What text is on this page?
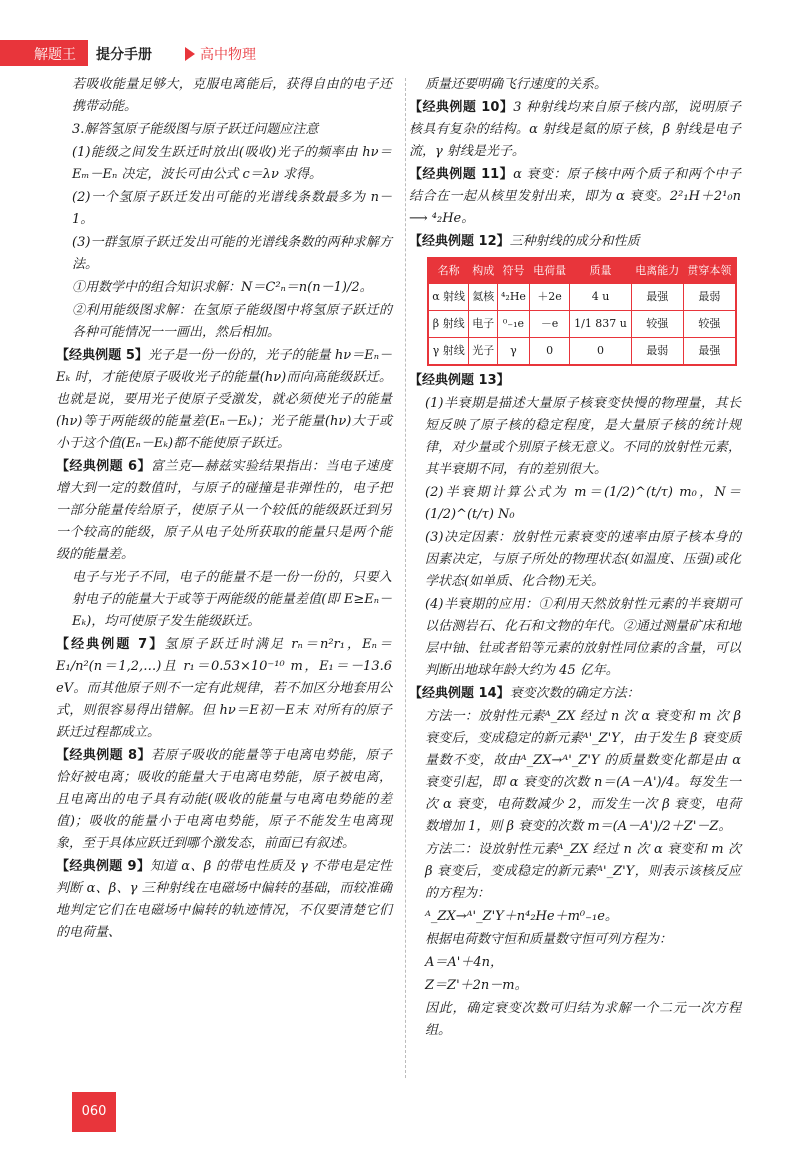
解题王 提分手册	高中物理

若吸收能量足够大，克服电离能后，获得自由的电子还携带动能。

3.解答氢原子能级图与原子跃迁问题应注意

(1)能级之间发生跃迁时放出(吸收)光子的频率由 hν＝Eₘ－Eₙ 决定，波长可由公式 c＝λν 求得。

(2)一个氢原子跃迁发出可能的光谱线条数最多为 n－1。

(3)一群氢原子跃迁发出可能的光谱线条数的两种求解方法。

①用数学中的组合知识求解：N＝C²ₙ＝n(n－1)/2。

②利用能级图求解：在氢原子能级图中将氢原子跃迁的各种可能情况一一画出，然后相加。

【经典例题 5】光子是一份一份的，光子的能量 hν＝Eₙ－Eₖ 时，才能使原子吸收光子的能量(hν)而向高能级跃迁。也就是说，要用光子使原子受激发，就必须使光子的能量(hν)等于两能级的能量差(Eₙ－Eₖ)；光子能量(hν)大于或小于这个值(Eₙ－Eₖ)都不能使原子跃迁。

【经典例题 6】富兰克—赫兹实验结果指出：当电子速度增大到一定的数值时，与原子的碰撞是非弹性的，电子把一部分能量传给原子，使原子从一个较低的能级跃迁到另一个较高的能级，原子从电子处所获取的能量只是两个能级的能量差。

电子与光子不同，电子的能量不是一份一份的，只要入射电子的能量大于或等于两能级的能量差值(即 E≥Eₙ－Eₖ)，均可使原子发生能级跃迁。

【经典例题 7】氢原子跃迁时满足 rₙ＝n²r₁，Eₙ＝E₁/n²(n＝1,2,…)且 r₁＝0.53×10⁻¹⁰ m，E₁＝－13.6 eV。而其他原子则不一定有此规律，若不加区分地套用公式，则很容易得出错解。但 hν＝E初－E末 对所有的原子跃迁过程都成立。

【经典例题 8】若原子吸收的能量等于电离电势能，原子恰好被电离；吸收的能量大于电离电势能，原子被电离，且电离出的电子具有动能(吸收的能量与电离电势能的差值)；吸收的能量小于电离电势能，原子不能发生电离现象，至于具体应跃迁到哪个激发态，前面已有叙述。

【经典例题 9】知道 α、β 的带电性质及 γ 不带电是定性判断 α、β、γ 三种射线在电磁场中偏转的基础，而较准确地判定它们在电磁场中偏转的轨迹情况，不仅要清楚它们的电荷量、

质量还要明确飞行速度的关系。

【经典例题 10】3 种射线均来自原子核内部，说明原子核具有复杂的结构。α 射线是氦的原子核，β 射线是电子流，γ 射线是光子。

【经典例题 11】α 衰变：原子核中两个质子和两个中子结合在一起从核里发射出来，即为 α 衰变。2²₁H＋2¹₀n ⟶ ⁴₂He。

【经典例题 12】三种射线的成分和性质

名称	构成	符号	电荷量	质量	电离能力	贯穿本领
α 射线	氦核	⁴₂He	＋2e	4 u	最强	最弱
β 射线	电子	⁰₋₁e	－e	1/1 837 u	较强	较强
γ 射线	光子	γ	0	0	最弱	最强

【经典例题 13】

(1)半衰期是描述大量原子核衰变快慢的物理量，其长短反映了原子核的稳定程度，是大量原子核的统计规律，对少量或个别原子核无意义。不同的放射性元素，其半衰期不同，有的差别很大。

(2)半衰期计算公式为 m＝(1/2)^(t/τ) m₀，N＝(1/2)^(t/τ) N₀

(3)决定因素：放射性元素衰变的速率由原子核本身的因素决定，与原子所处的物理状态(如温度、压强)或化学状态(如单质、化合物)无关。

(4)半衰期的应用：①利用天然放射性元素的半衰期可以估测岩石、化石和文物的年代。②通过测量矿床和地层中铀、钍或者铅等元素的放射性同位素的含量，可以判断出地球年龄大约为 45 亿年。

【经典例题 14】衰变次数的确定方法：

方法一：放射性元素ᴬ_ZX 经过 n 次 α 衰变和 m 次 β 衰变后，变成稳定的新元素ᴬ'_Z'Y，由于发生 β 衰变质量数不变，故由ᴬ_ZX→ᴬ'_Z'Y 的质量数变化都是由 α 衰变引起，即 α 衰变的次数 n＝(A－A')/4。每发生一次 α 衰变，电荷数减少 2，而发生一次 β 衰变，电荷数增加 1，则 β 衰变的次数 m＝(A－A')/2＋Z'－Z。

方法二：设放射性元素ᴬ_ZX 经过 n 次 α 衰变和 m 次 β 衰变后，变成稳定的新元素ᴬ'_Z'Y，则表示该核反应的方程为：

ᴬ_ZX→ᴬ'_Z'Y＋n⁴₂He＋m⁰₋₁e。

根据电荷数守恒和质量数守恒可列方程为：

A＝A'＋4n，

Z＝Z'＋2n－m。

因此，确定衰变次数可归结为求解一个二元一次方程组。

060
